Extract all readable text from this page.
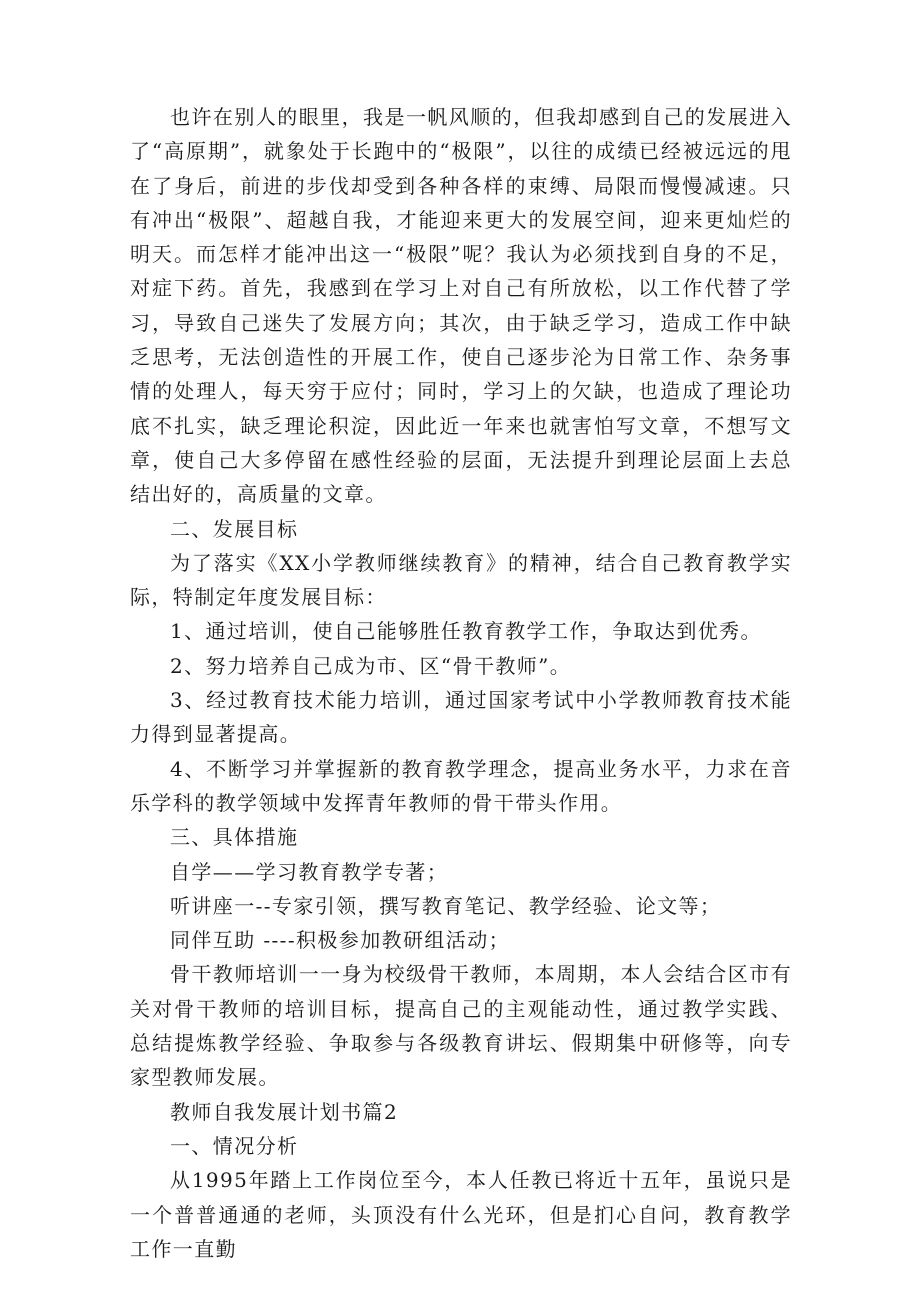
也许在别人的眼里，我是一帆风顺的，但我却感到自己的发展进入了“高原期”，就象处于长跑中的“极限”，以往的成绩已经被远远的甩在了身后，前进的步伐却受到各种各样的束缚、局限而慢慢减速。只有冲出“极限”、超越自我，才能迎来更大的发展空间，迎来更灿烂的明天。而怎样才能冲出这一“极限”呢？我认为必须找到自身的不足，对症下药。首先，我感到在学习上对自己有所放松，以工作代替了学习，导致自己迷失了发展方向；其次，由于缺乏学习，造成工作中缺乏思考，无法创造性的开展工作，使自己逐步沦为日常工作、杂务事情的处理人，每天穷于应付；同时，学习上的欠缺，也造成了理论功底不扎实，缺乏理论积淀，因此近一年来也就害怕写文章，不想写文章，使自己大多停留在感性经验的层面，无法提升到理论层面上去总结出好的，高质量的文章。

二、发展目标

为了落实《XX小学教师继续教育》的精神，结合自己教育教学实际，特制定年度发展目标：

1、通过培训，使自己能够胜任教育教学工作，争取达到优秀。

2、努力培养自己成为市、区“骨干教师”。

3、经过教育技术能力培训，通过国家考试中小学教师教育技术能力得到显著提高。

4、不断学习并掌握新的教育教学理念，提高业务水平，力求在音乐学科的教学领域中发挥青年教师的骨干带头作用。

三、具体措施

自学——学习教育教学专著；

听讲座一--专家引领，撰写教育笔记、教学经验、论文等；

同伴互助 ----积极参加教研组活动；

骨干教师培训一一身为校级骨干教师，本周期，本人会结合区市有关对骨干教师的培训目标，提高自己的主观能动性，通过教学实践、总结提炼教学经验、争取参与各级教育讲坛、假期集中研修等，向专家型教师发展。

教师自我发展计划书篇2

一、情况分析

从1995年踏上工作岗位至今，本人任教已将近十五年，虽说只是一个普普通通的老师，头顶没有什么光环，但是扪心自问，教育教学工作一直勤
